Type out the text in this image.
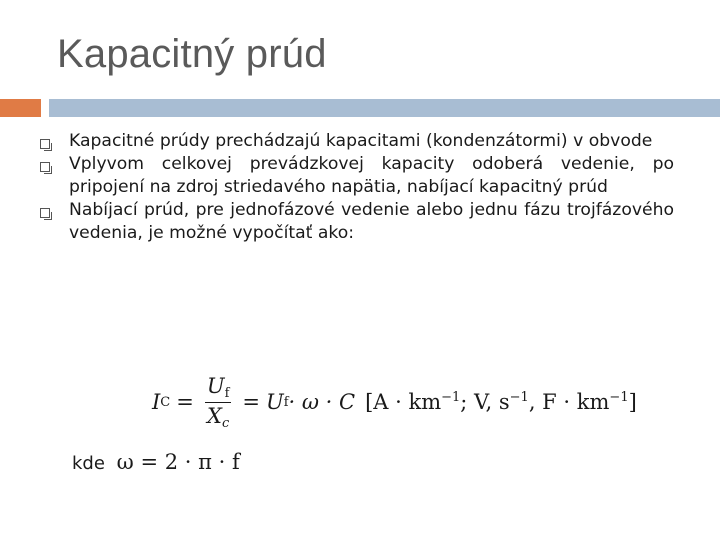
Kapacitný prúd
Kapacitné prúdy prechádzajú kapacitami (kondenzátormi) v obvode
Vplyvom celkovej prevádzkovej kapacity odoberá vedenie, po pripojení na zdroj striedavého napätia, nabíjací kapacitný prúd
Nabíjací prúd, pre jednofázové vedenie alebo jednu fázu trojfázového vedenia, je možné vypočítať ako:
I $C = \frac{U_f}{X_c} = U$ f · ω · C [$A \cdot km^{-1}$; V, $s^{-1}$, $F \cdot km^{-1}$]
kde ω = 2 · π · f
